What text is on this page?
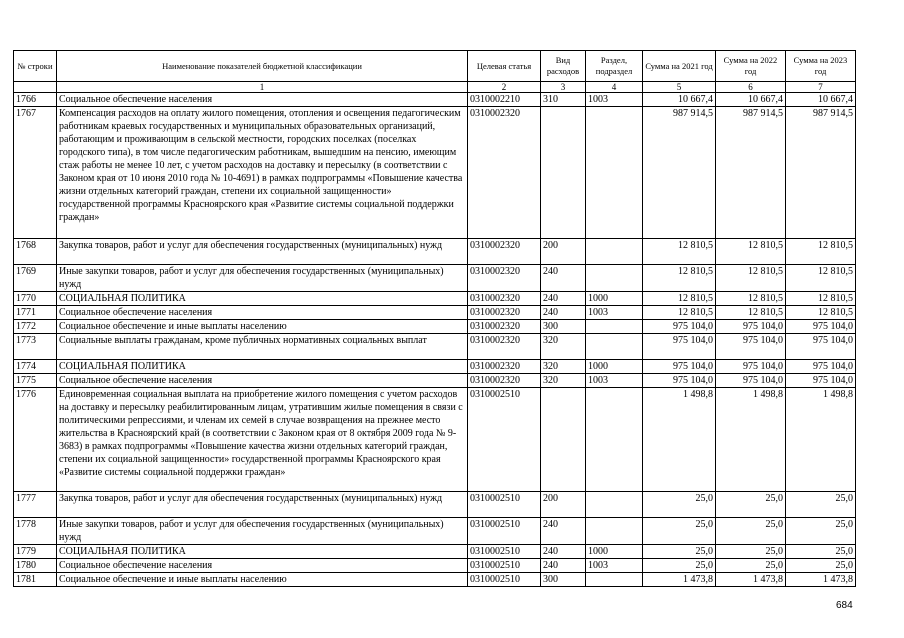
№ строки	Наименование показателей бюджетной классификации	Целевая статья	Вид расходов	Раздел, подраздел	Сумма на 2021 год	Сумма на 2022 год	Сумма на 2023 год
	1	2	3	4	5	6	7
1766	Социальное обеспечение населения	0310002210	310	1003	10 667,4	10 667,4	10 667,4
1767	Компенсация расходов на оплату жилого помещения, отопления и освещения педагогическим работникам краевых государственных и муниципальных образовательных организаций, работающим и проживающим в сельской местности, городских поселках (поселках городского типа), в том числе педагогическим работникам, вышедшим на пенсию, имеющим стаж работы не менее 10 лет, с учетом расходов на доставку и пересылку (в соответствии с Законом края от 10 июня 2010 года № 10-4691) в рамках подпрограммы «Повышение качества жизни отдельных категорий граждан, степени их социальной защищенности» государственной программы Красноярского края «Развитие системы социальной поддержки граждан»	0310002320			987 914,5	987 914,5	987 914,5
1768	Закупка товаров, работ и услуг для обеспечения государственных (муниципальных) нужд	0310002320	200		12 810,5	12 810,5	12 810,5
1769	Иные закупки товаров, работ и услуг для обеспечения государственных (муниципальных) нужд	0310002320	240		12 810,5	12 810,5	12 810,5
1770	СОЦИАЛЬНАЯ ПОЛИТИКА	0310002320	240	1000	12 810,5	12 810,5	12 810,5
1771	Социальное обеспечение населения	0310002320	240	1003	12 810,5	12 810,5	12 810,5
1772	Социальное обеспечение и иные выплаты населению	0310002320	300		975 104,0	975 104,0	975 104,0
1773	Социальные выплаты гражданам, кроме публичных нормативных социальных выплат	0310002320	320		975 104,0	975 104,0	975 104,0
1774	СОЦИАЛЬНАЯ ПОЛИТИКА	0310002320	320	1000	975 104,0	975 104,0	975 104,0
1775	Социальное обеспечение населения	0310002320	320	1003	975 104,0	975 104,0	975 104,0
1776	Единовременная социальная выплата на приобретение жилого помещения с учетом расходов на доставку и пересылку реабилитированным лицам, утратившим жилые помещения в связи с политическими репрессиями, и членам их семей в случае возвращения на прежнее место жительства в Красноярский край (в соответствии с Законом края от 8 октября 2009 года № 9-3683) в рамках подпрограммы «Повышение качества жизни отдельных категорий граждан, степени их социальной защищенности» государственной программы Красноярского края «Развитие системы социальной поддержки граждан»	0310002510			1 498,8	1 498,8	1 498,8
1777	Закупка товаров, работ и услуг для обеспечения государственных (муниципальных) нужд	0310002510	200		25,0	25,0	25,0
1778	Иные закупки товаров, работ и услуг для обеспечения государственных (муниципальных) нужд	0310002510	240		25,0	25,0	25,0
1779	СОЦИАЛЬНАЯ ПОЛИТИКА	0310002510	240	1000	25,0	25,0	25,0
1780	Социальное обеспечение населения	0310002510	240	1003	25,0	25,0	25,0
1781	Социальное обеспечение и иные выплаты населению	0310002510	300		1 473,8	1 473,8	1 473,8
684
